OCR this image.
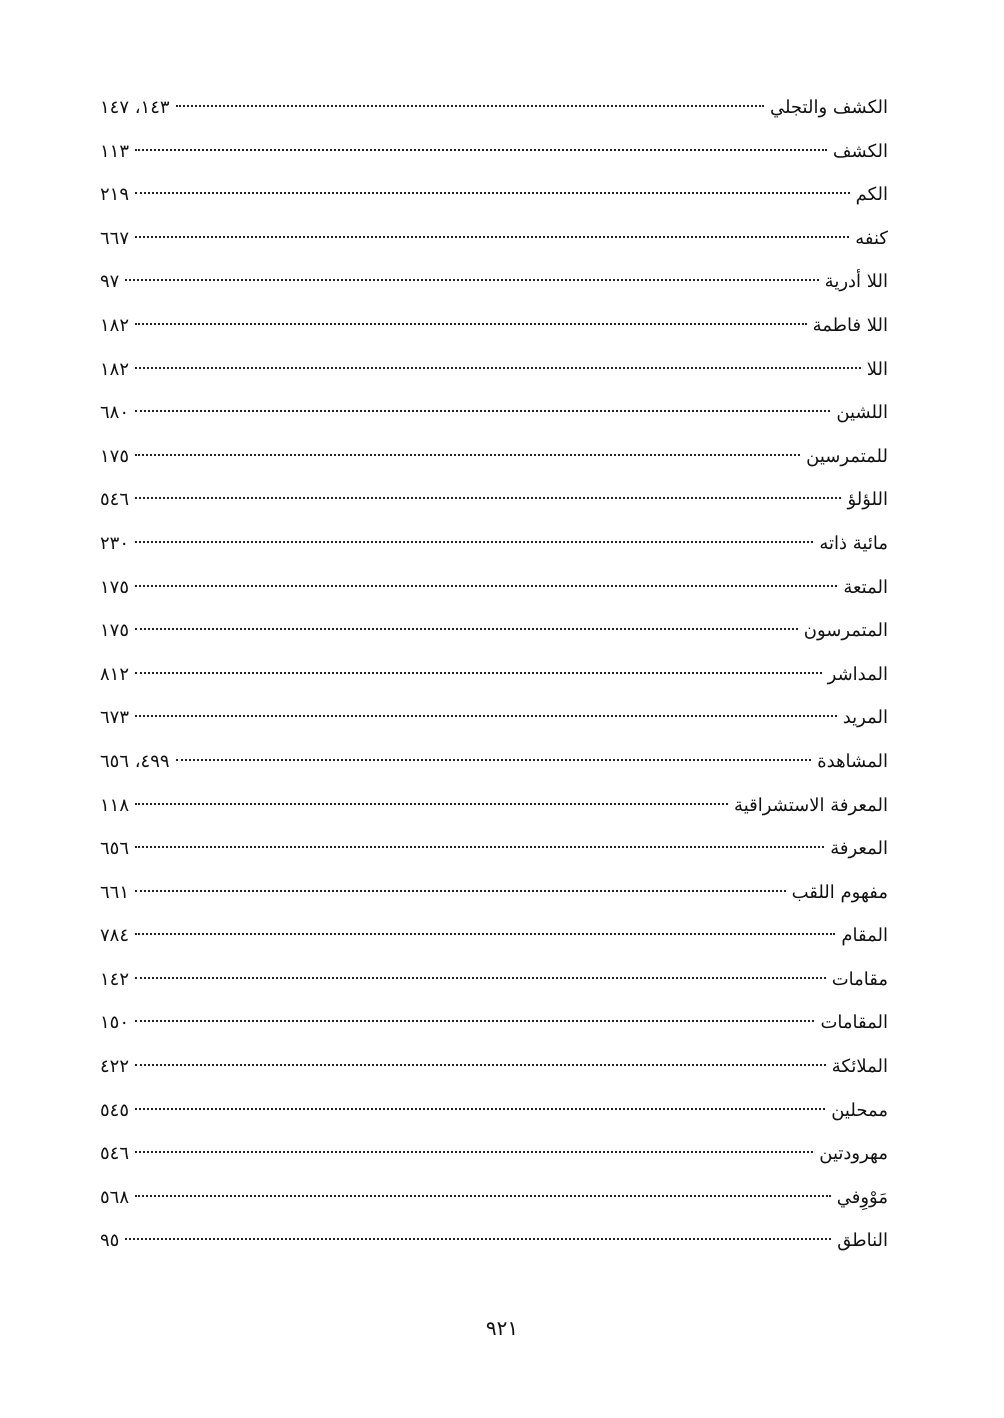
الكشف والتجلي
١٤٣، ١٤٧
الكشف
١١٣
الكم
٢١٩
كنفه
٦٦٧
اللا أدرية
٩٧
اللا فاطمة
١٨٢
اللا
١٨٢
اللشين
٦٨٠
للمتمرسين
١٧٥
اللؤلؤ
٥٤٦
مائية ذاته
٢٣٠
المتعة
١٧٥
المتمرسون
١٧٥
المداشر
٨١٢
المريد
٦٧٣
المشاهدة
٤٩٩، ٦٥٦
المعرفة الاستشراقية
١١٨
المعرفة
٦٥٦
مفهوم اللقب
٦٦١
المقام
٧٨٤
مقامات
١٤٢
المقامات
١٥٠
الملائكة
٤٢٢
ممحلين
٥٤٥
مهرودتين
٥٤٦
مَوْوِفي
٥٦٨
الناطق
٩٥
٩٢١
